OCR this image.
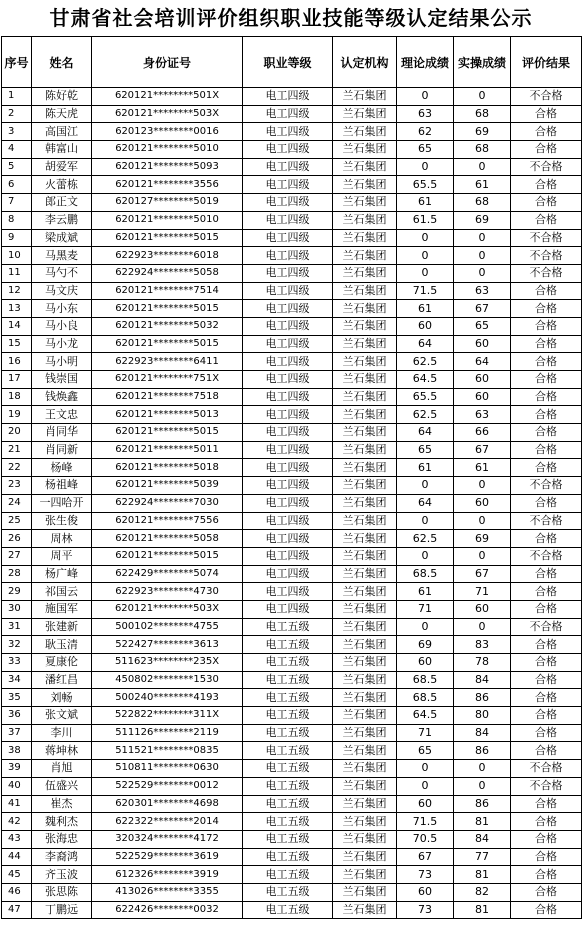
甘肃省社会培训评价组织职业技能等级认定结果公示
序号	姓名	身份证号	职业等级	认定机构	理论成绩	实操成绩	评价结果
1	陈好乾	620121********501X	电工四级	兰石集团	0	0	不合格
2	陈天虎	620121********503X	电工四级	兰石集团	63	68	合格
3	高国江	620123********0016	电工四级	兰石集团	62	69	合格
4	韩富山	620121********5010	电工四级	兰石集团	65	68	合格
5	胡爱军	620121********5093	电工四级	兰石集团	0	0	不合格
6	火蕾栋	620121********3556	电工四级	兰石集团	65.5	61	合格
7	郎正文	620127********5019	电工四级	兰石集团	61	68	合格
8	李云鹏	620121********5010	电工四级	兰石集团	61.5	69	合格
9	梁成斌	620121********5015	电工四级	兰石集团	0	0	不合格
10	马黑麦	622923********6018	电工四级	兰石集团	0	0	不合格
11	马勺不	622924********5058	电工四级	兰石集团	0	0	不合格
12	马文庆	620121********7514	电工四级	兰石集团	71.5	63	合格
13	马小东	620121********5015	电工四级	兰石集团	61	67	合格
14	马小良	620121********5032	电工四级	兰石集团	60	65	合格
15	马小龙	620121********5015	电工四级	兰石集团	64	60	合格
16	马小明	622923********6411	电工四级	兰石集团	62.5	64	合格
17	钱崇国	620121********751X	电工四级	兰石集团	64.5	60	合格
18	钱焕鑫	620121********7518	电工四级	兰石集团	65.5	60	合格
19	王文忠	620121********5013	电工四级	兰石集团	62.5	63	合格
20	肖同华	620121********5015	电工四级	兰石集团	64	66	合格
21	肖同新	620121********5011	电工四级	兰石集团	65	67	合格
22	杨峰	620121********5018	电工四级	兰石集团	61	61	合格
23	杨祖峰	620121********5039	电工四级	兰石集团	0	0	不合格
24	一四哈开	622924********7030	电工四级	兰石集团	64	60	合格
25	张生俊	620121********7556	电工四级	兰石集团	0	0	不合格
26	周林	620121********5058	电工四级	兰石集团	62.5	69	合格
27	周平	620121********5015	电工四级	兰石集团	0	0	不合格
28	杨广峰	622429********5074	电工四级	兰石集团	68.5	67	合格
29	祁国云	622923********4730	电工四级	兰石集团	61	71	合格
30	施国军	620121********503X	电工四级	兰石集团	71	60	合格
31	张建新	500102********4755	电工五级	兰石集团	0	0	不合格
32	耿玉清	522427********3613	电工五级	兰石集团	69	83	合格
33	夏康伦	511623********235X	电工五级	兰石集团	60	78	合格
34	潘红昌	450802********1530	电工五级	兰石集团	68.5	84	合格
35	刘畅	500240********4193	电工五级	兰石集团	68.5	86	合格
36	张文斌	522822********311X	电工五级	兰石集团	64.5	80	合格
37	李川	511126********2119	电工五级	兰石集团	71	84	合格
38	蒋坤林	511521********0835	电工五级	兰石集团	65	86	合格
39	肖旭	510811********0630	电工五级	兰石集团	0	0	不合格
40	伍盛兴	522529********0012	电工五级	兰石集团	0	0	不合格
41	崔杰	620301********4698	电工五级	兰石集团	60	86	合格
42	魏利杰	622322********2014	电工五级	兰石集团	71.5	81	合格
43	张海忠	320324********4172	电工五级	兰石集团	70.5	84	合格
44	李裔鸿	522529********3619	电工五级	兰石集团	67	77	合格
45	齐玉波	612326********3919	电工五级	兰石集团	73	81	合格
46	张思陈	413026********3355	电工五级	兰石集团	60	82	合格
47	丁鹏远	622426********0032	电工五级	兰石集团	73	81	合格
